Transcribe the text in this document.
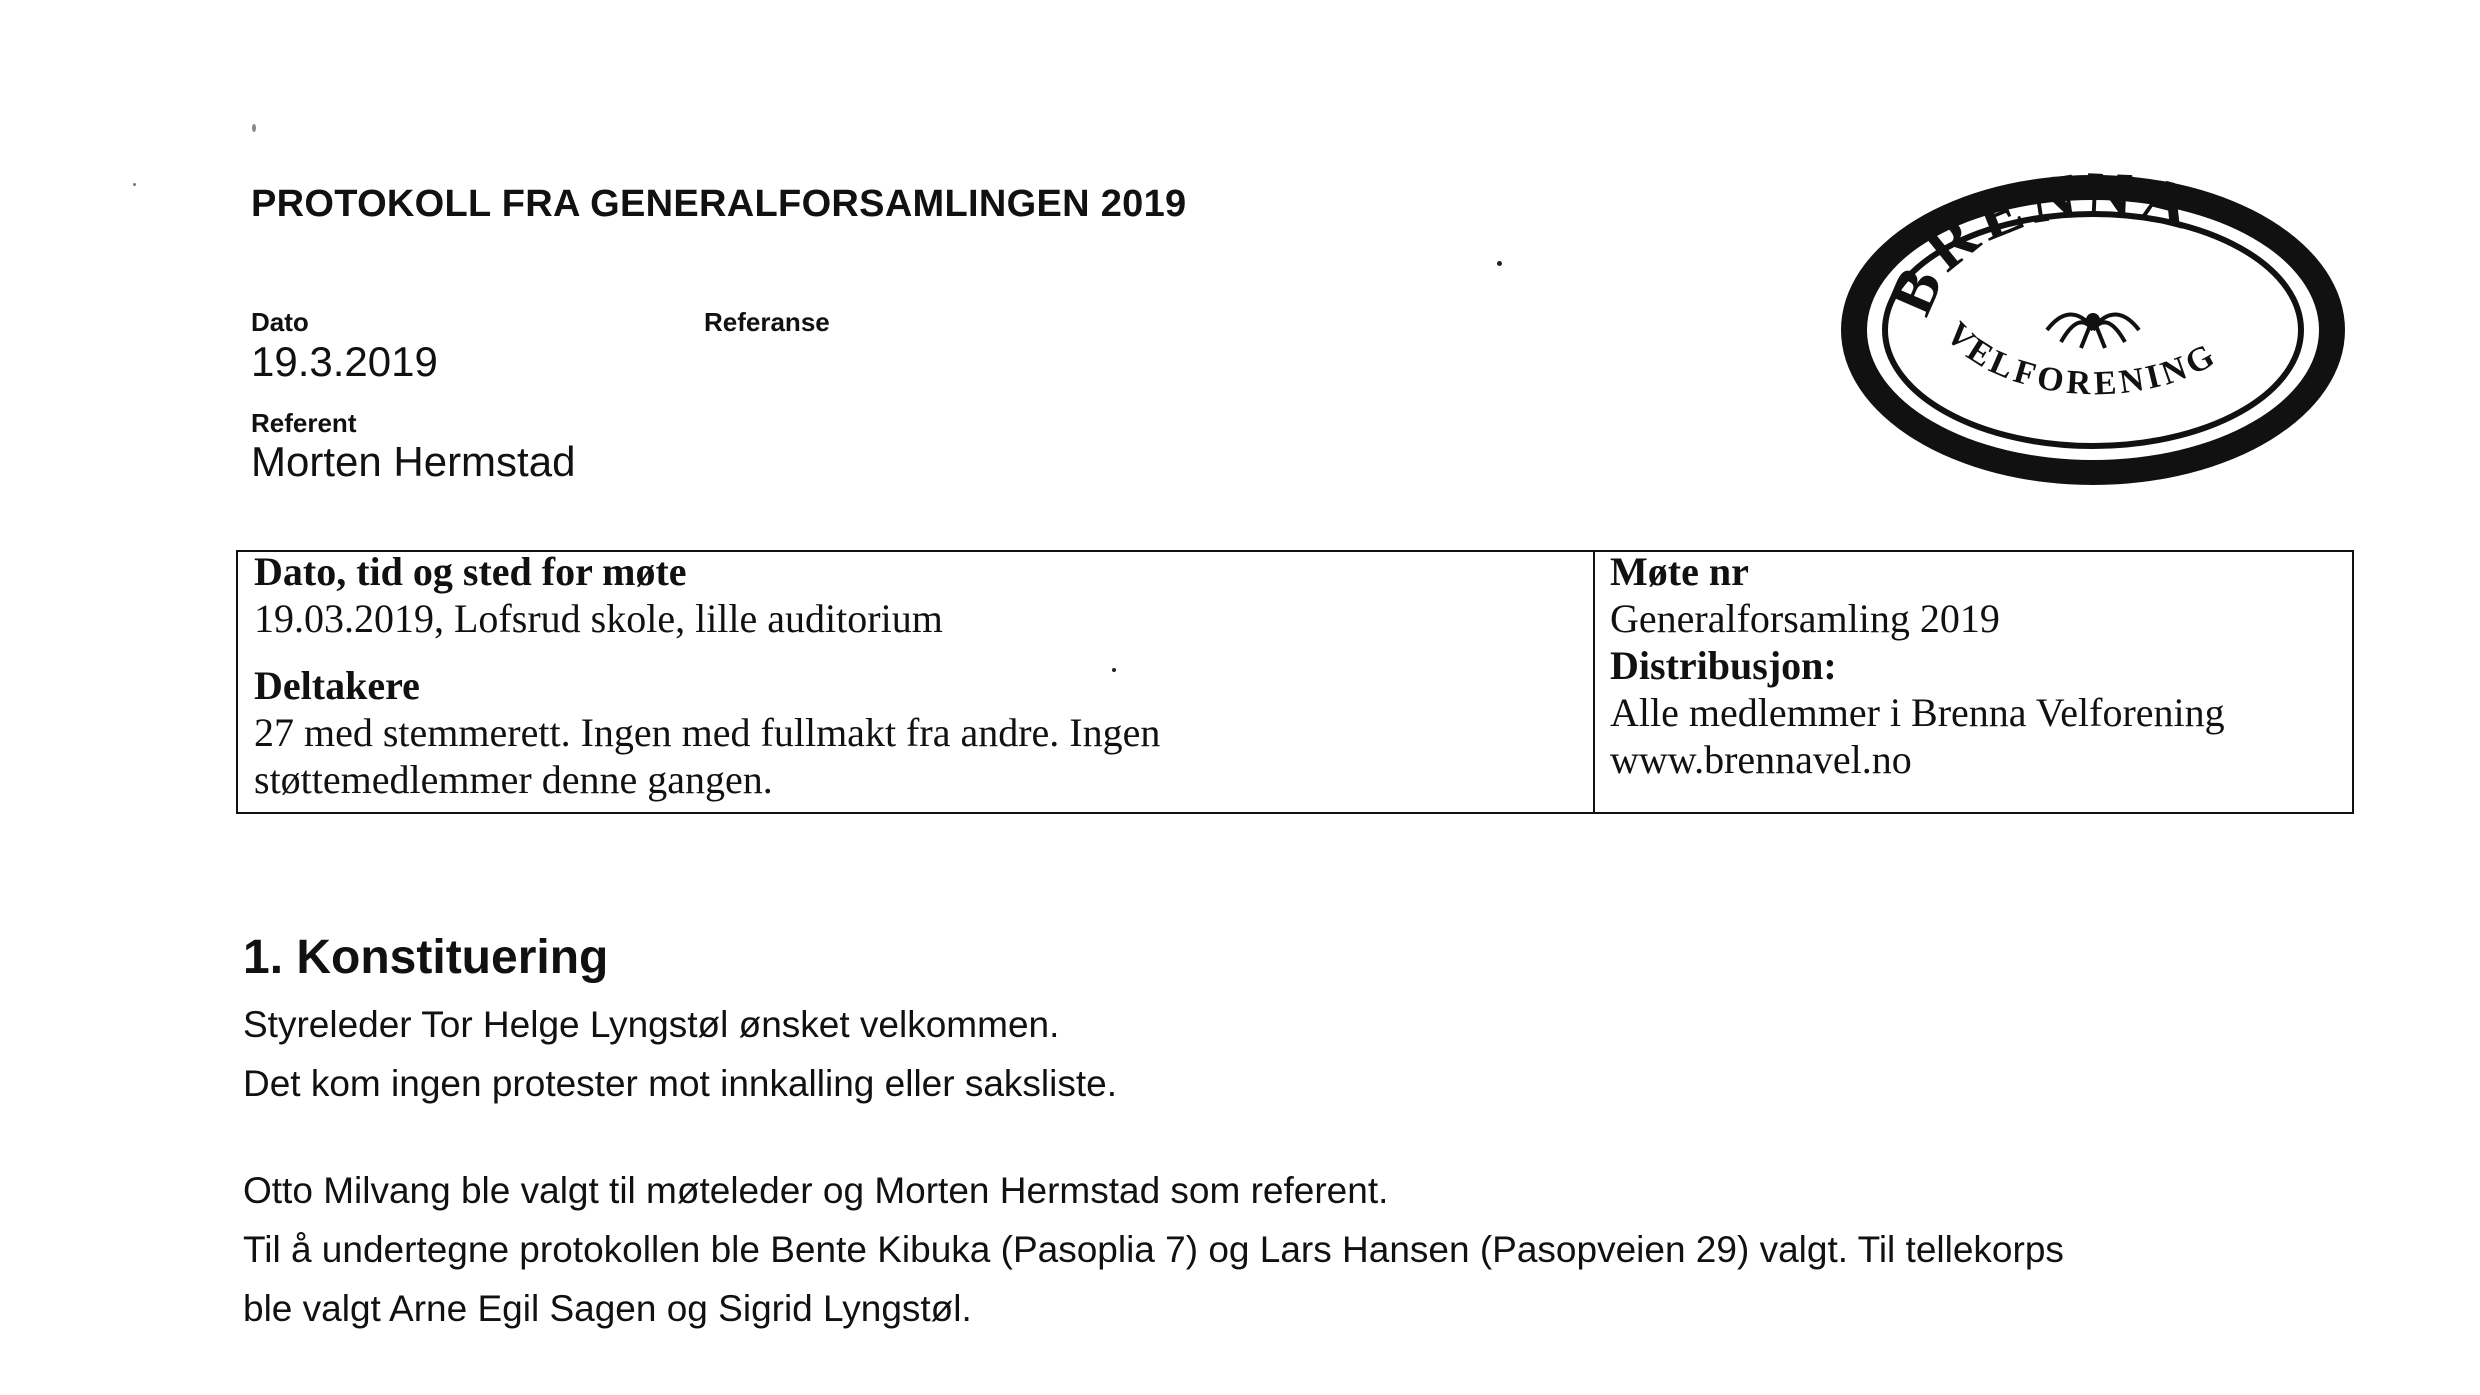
PROTOKOLL FRA GENERALFORSAMLINGEN 2019
Dato	Referanse
19.3.2019
Referent
Morten Hermstad
BRENNA
VELFORENING
Dato, tid og sted for møte
19.03.2019, Lofsrud skole, lille auditorium
Deltakere
27 med stemmerett. Ingen med fullmakt fra andre. Ingen
støttemedlemmer denne gangen.
Møte nr
Generalforsamling 2019
Distribusjon:
Alle medlemmer i Brenna Velforening
www.brennavel.no
1. Konstituering

Styreleder Tor Helge Lyngstøl ønsket velkommen.

Det kom ingen protester mot innkalling eller saksliste.

Otto Milvang ble valgt til møteleder og Morten Hermstad som referent.

Til å undertegne protokollen ble Bente Kibuka (Pasoplia 7) og Lars Hansen (Pasopveien 29) valgt. Til tellekorps

ble valgt Arne Egil Sagen og Sigrid Lyngstøl.
